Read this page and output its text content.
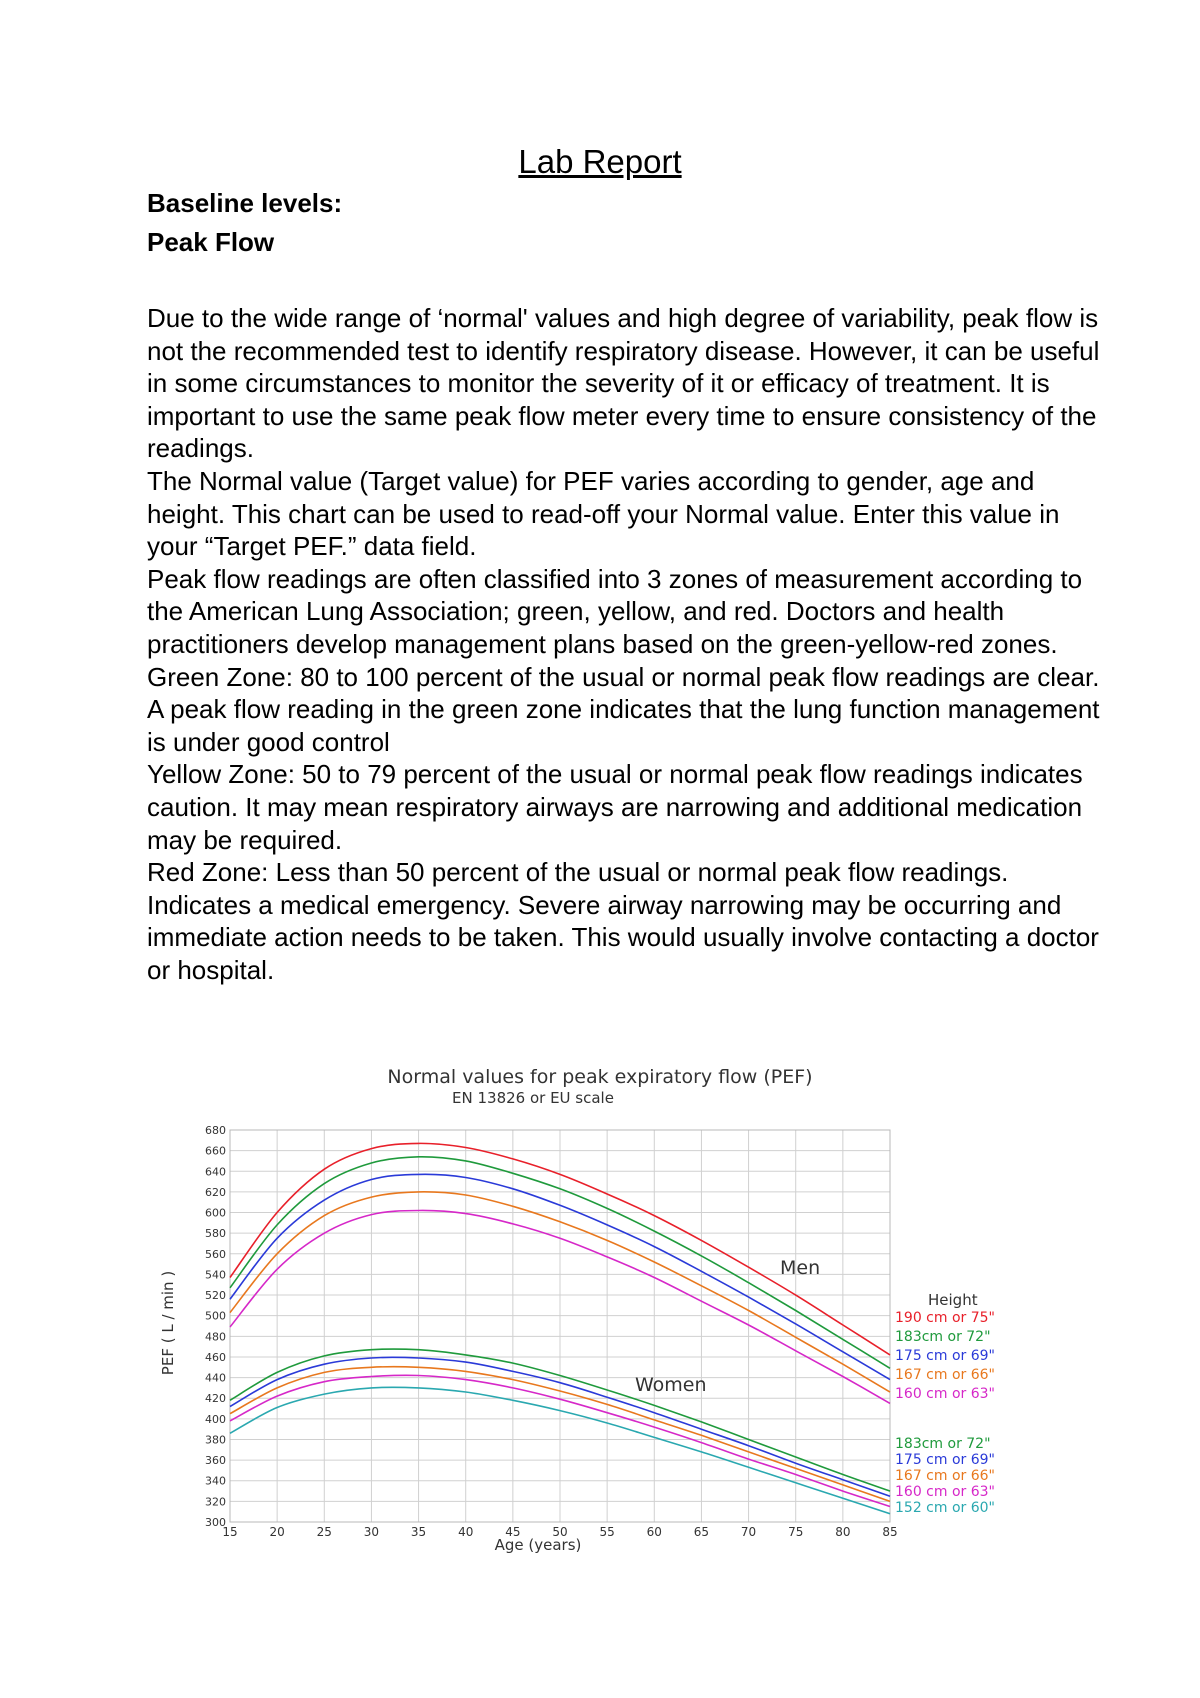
Lab Report
Baseline levels:
Peak Flow

Due to the wide range of ‘normal' values and high degree of variability, peak flow is not the recommended test to identify respiratory disease. However, it can be useful in some circumstances to monitor the severity of it or efficacy of treatment. It is important to use the same peak flow meter every time to ensure consistency of the readings.

The Normal value (Target value) for PEF varies according to gender, age and height. This chart can be used to read-off your Normal value. Enter this value in your “Target PEF.” data field.

Peak flow readings are often classified into 3 zones of measurement according to the American Lung Association; green, yellow, and red. Doctors and health practitioners develop management plans based on the green-yellow-red zones.

Green Zone: 80 to 100 percent of the usual or normal peak flow readings are clear. A peak flow reading in the green zone indicates that the lung function management is under good control

Yellow Zone: 50 to 79 percent of the usual or normal peak flow readings indicates caution. It may mean respiratory airways are narrowing and additional medication may be required.

Red Zone: Less than 50 percent of the usual or normal peak flow readings. Indicates a medical emergency. Severe airway narrowing may be occurring and immediate action needs to be taken. This would usually involve contacting a doctor or hospital.

Normal values for peak expiratory flow (PEF)
EN 13826 or EU scale
15	20	25	30	35	40	45	50	55	60	65	70	75	80	85
300
320
340
360
380
400
420
440
460
480
500
520
540
560
580
600
620
640
660
680
Men
Women
Age (years)
PEF ( L / min )	Height
190 cm or 75"
183cm or 72"
175 cm or 69"
167 cm or 66"
160 cm or 63"
183cm or 72"
175 cm or 69"
167 cm or 66"
160 cm or 63"
152 cm or 60"
